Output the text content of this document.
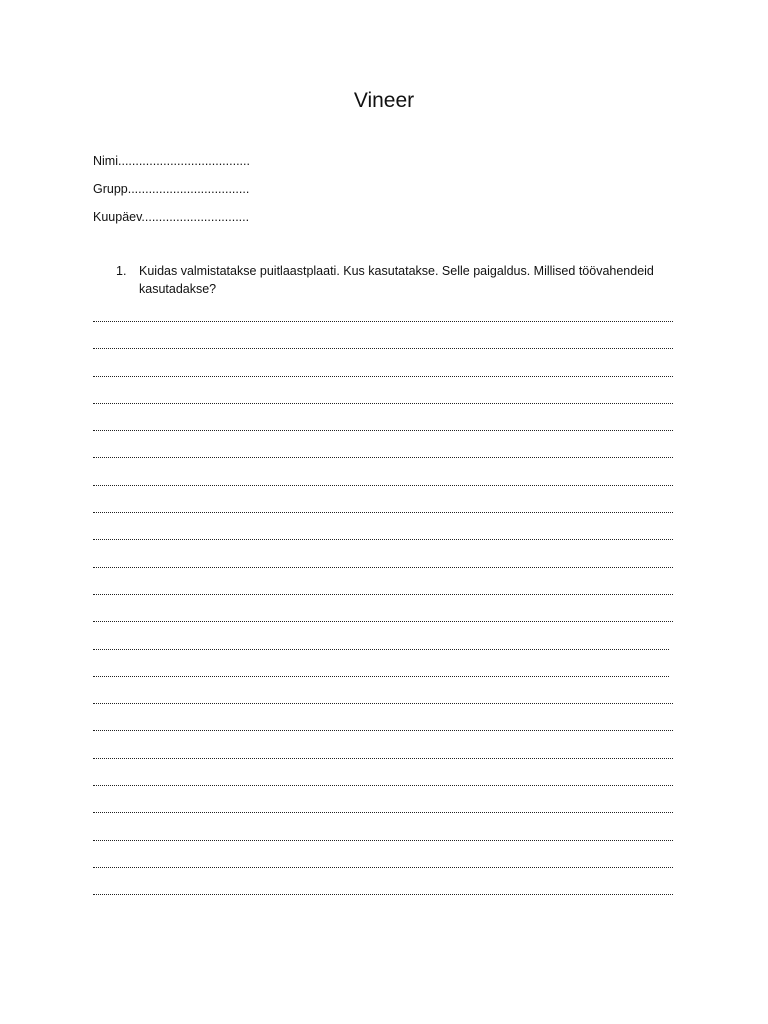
Vineer
Nimi......................................
Grupp...................................
Kuupäev...............................
1. Kuidas valmistatakse puitlaastplaati. Kus kasutatakse. Selle paigaldus. Millised töövahendeid kasutadakse?
